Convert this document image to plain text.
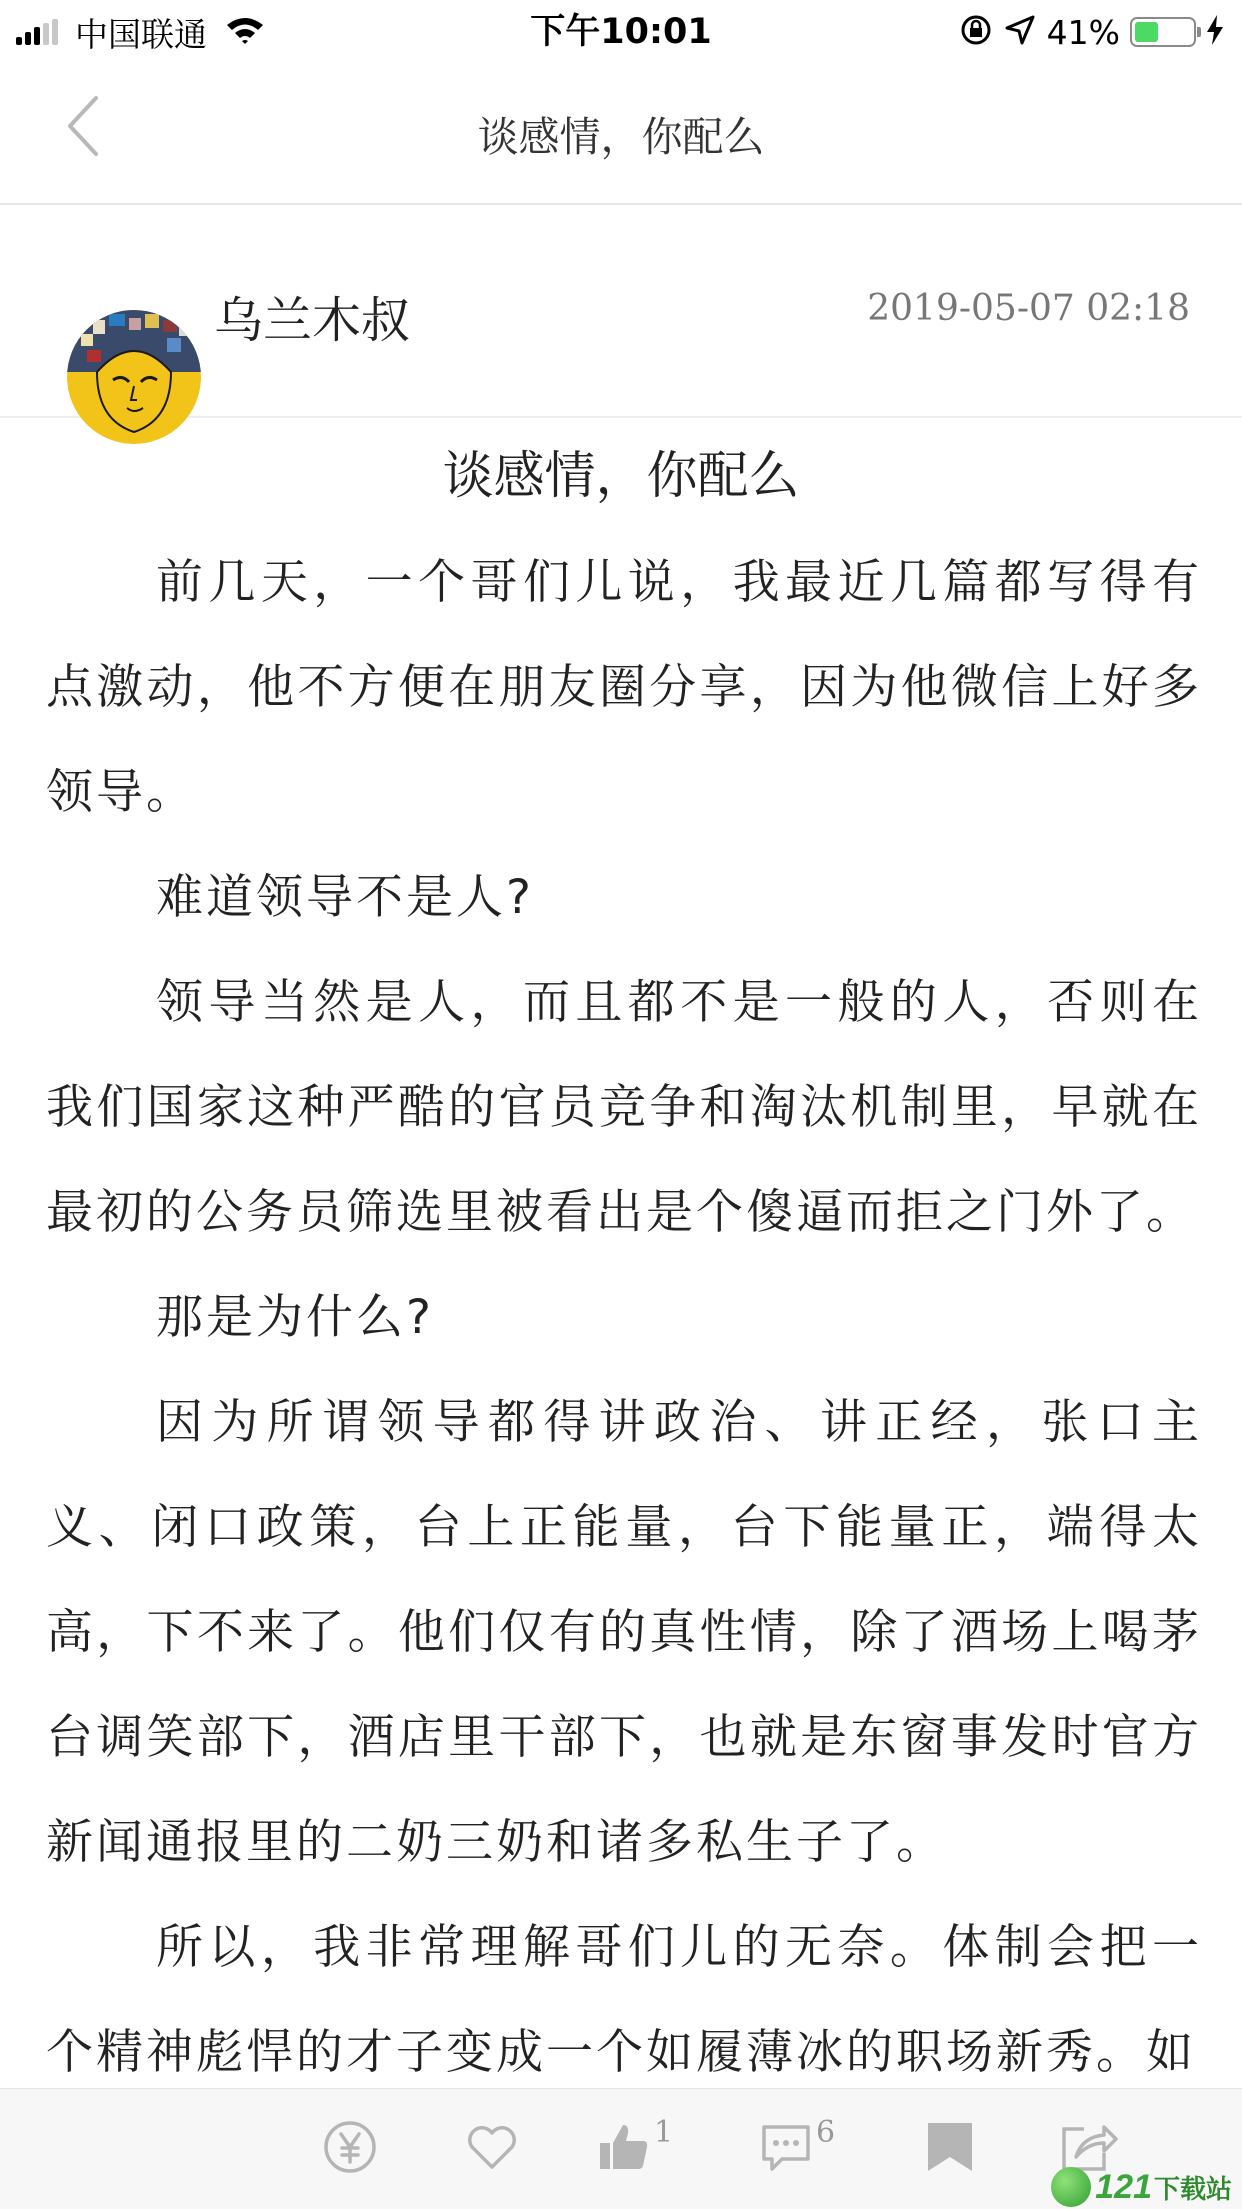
中国联通	下午10:01	41%
谈感情，你配么
乌兰木叔	2019-05-07 02:18
谈感情，你配么

前几天，一个哥们儿说，我最近几篇都写得有点激动，他不方便在朋友圈分享，因为他微信上好多领导。

难道领导不是人?

领导当然是人，而且都不是一般的人，否则在我们国家这种严酷的官员竞争和淘汰机制里，早就在最初的公务员筛选里被看出是个傻逼而拒之门外了。

那是为什么?

因为所谓领导都得讲政治、讲正经，张口主义、闭口政策，台上正能量，台下能量正，端得太高，下不来了。他们仅有的真性情，除了酒场上喝茅台调笑部下，酒店里干部下，也就是东窗事发时官方新闻通报里的二奶三奶和诸多私生子了。

所以，我非常理解哥们儿的无奈。体制会把一个精神彪悍的才子变成一个如履薄冰的职场新秀。如

1	6
121 下载站
